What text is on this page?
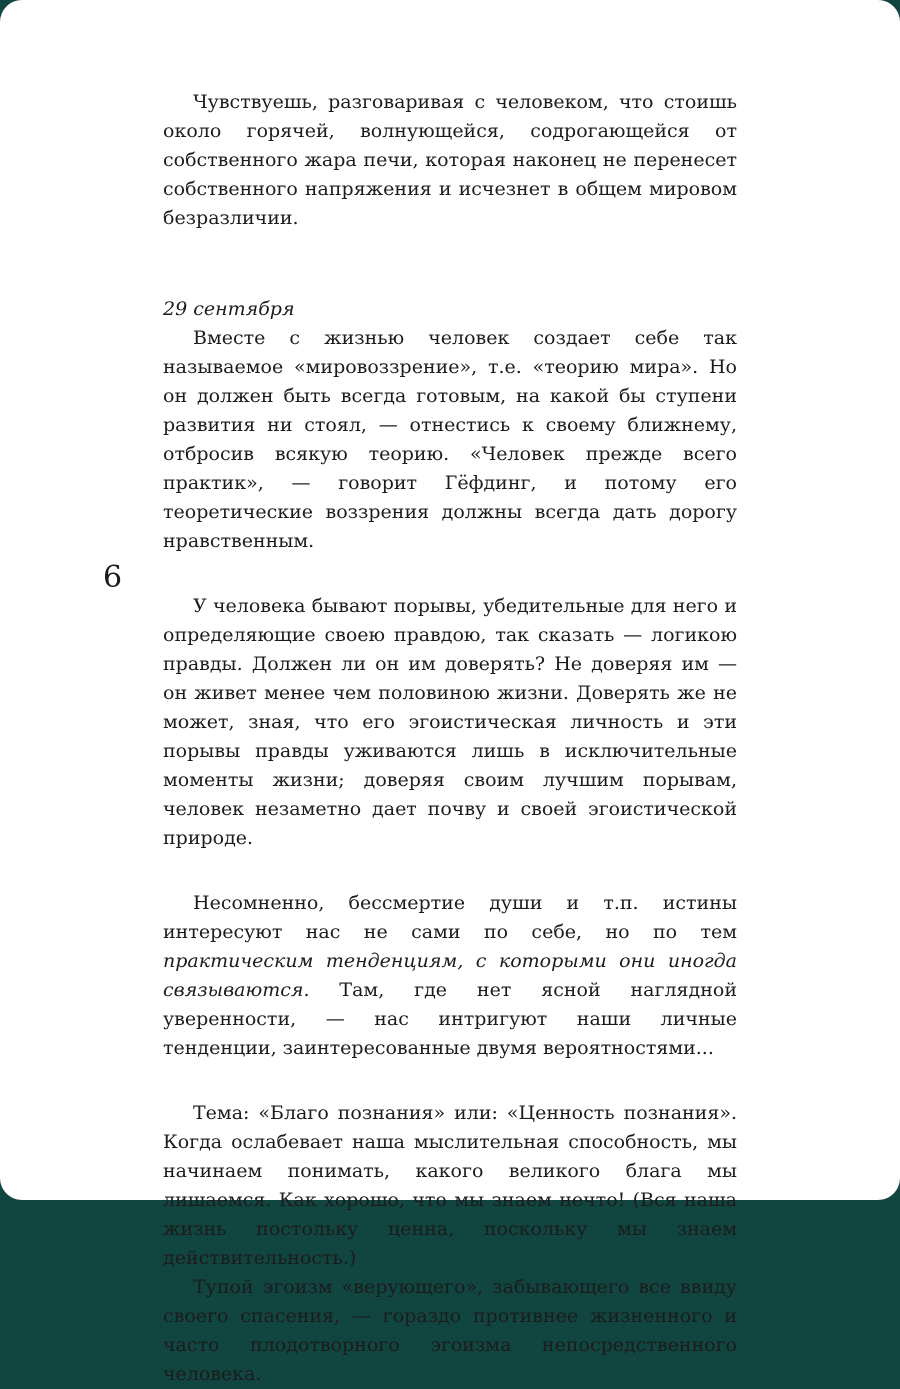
6

Чувствуешь, разговаривая с человеком, что стоишь около горячей, волнующейся, содрогающейся от собственного жара печи, которая наконец не перенесет собственного напряжения и исчезнет в общем мировом безразличии.

29 сентября

Вместе с жизнью человек создает себе так называемое «мировоззрение», т.е. «теорию мира». Но он должен быть всегда готовым, на какой бы ступени развития ни стоял, — отнестись к своему ближнему, отбросив всякую теорию. «Человек прежде всего практик», — говорит Гёфдинг, и потому его теоретические воззрения должны всегда дать дорогу нравственным.

У человека бывают порывы, убедительные для него и определяющие своею правдою, так сказать — логикою правды. Должен ли он им доверять? Не доверяя им — он живет менее чем половиною жизни. Доверять же не может, зная, что его эгоистическая личность и эти порывы правды уживаются лишь в исключительные моменты жизни; доверяя своим лучшим порывам, человек незаметно дает почву и своей эгоистической природе.

Несомненно, бессмертие души и т.п. истины интересуют нас не сами по себе, но по тем практическим тенденциям, с которыми они иногда связываются. Там, где нет ясной наглядной уверенности, — нас интригуют наши личные тенденции, заинтересованные двумя вероятностями...

Тема: «Благо познания» или: «Ценность познания». Когда ослабевает наша мыслительная способность, мы начинаем понимать, какого великого блага мы лишаемся. Как хорошо, что мы знаем нечто! (Вся наша жизнь постольку ценна, поскольку мы знаем действительность.)

Тупой эгоизм «верующего», забывающего все ввиду своего спасения, — гораздо противнее жизненного и часто плодотворного эгоизма непосредственного человека.
